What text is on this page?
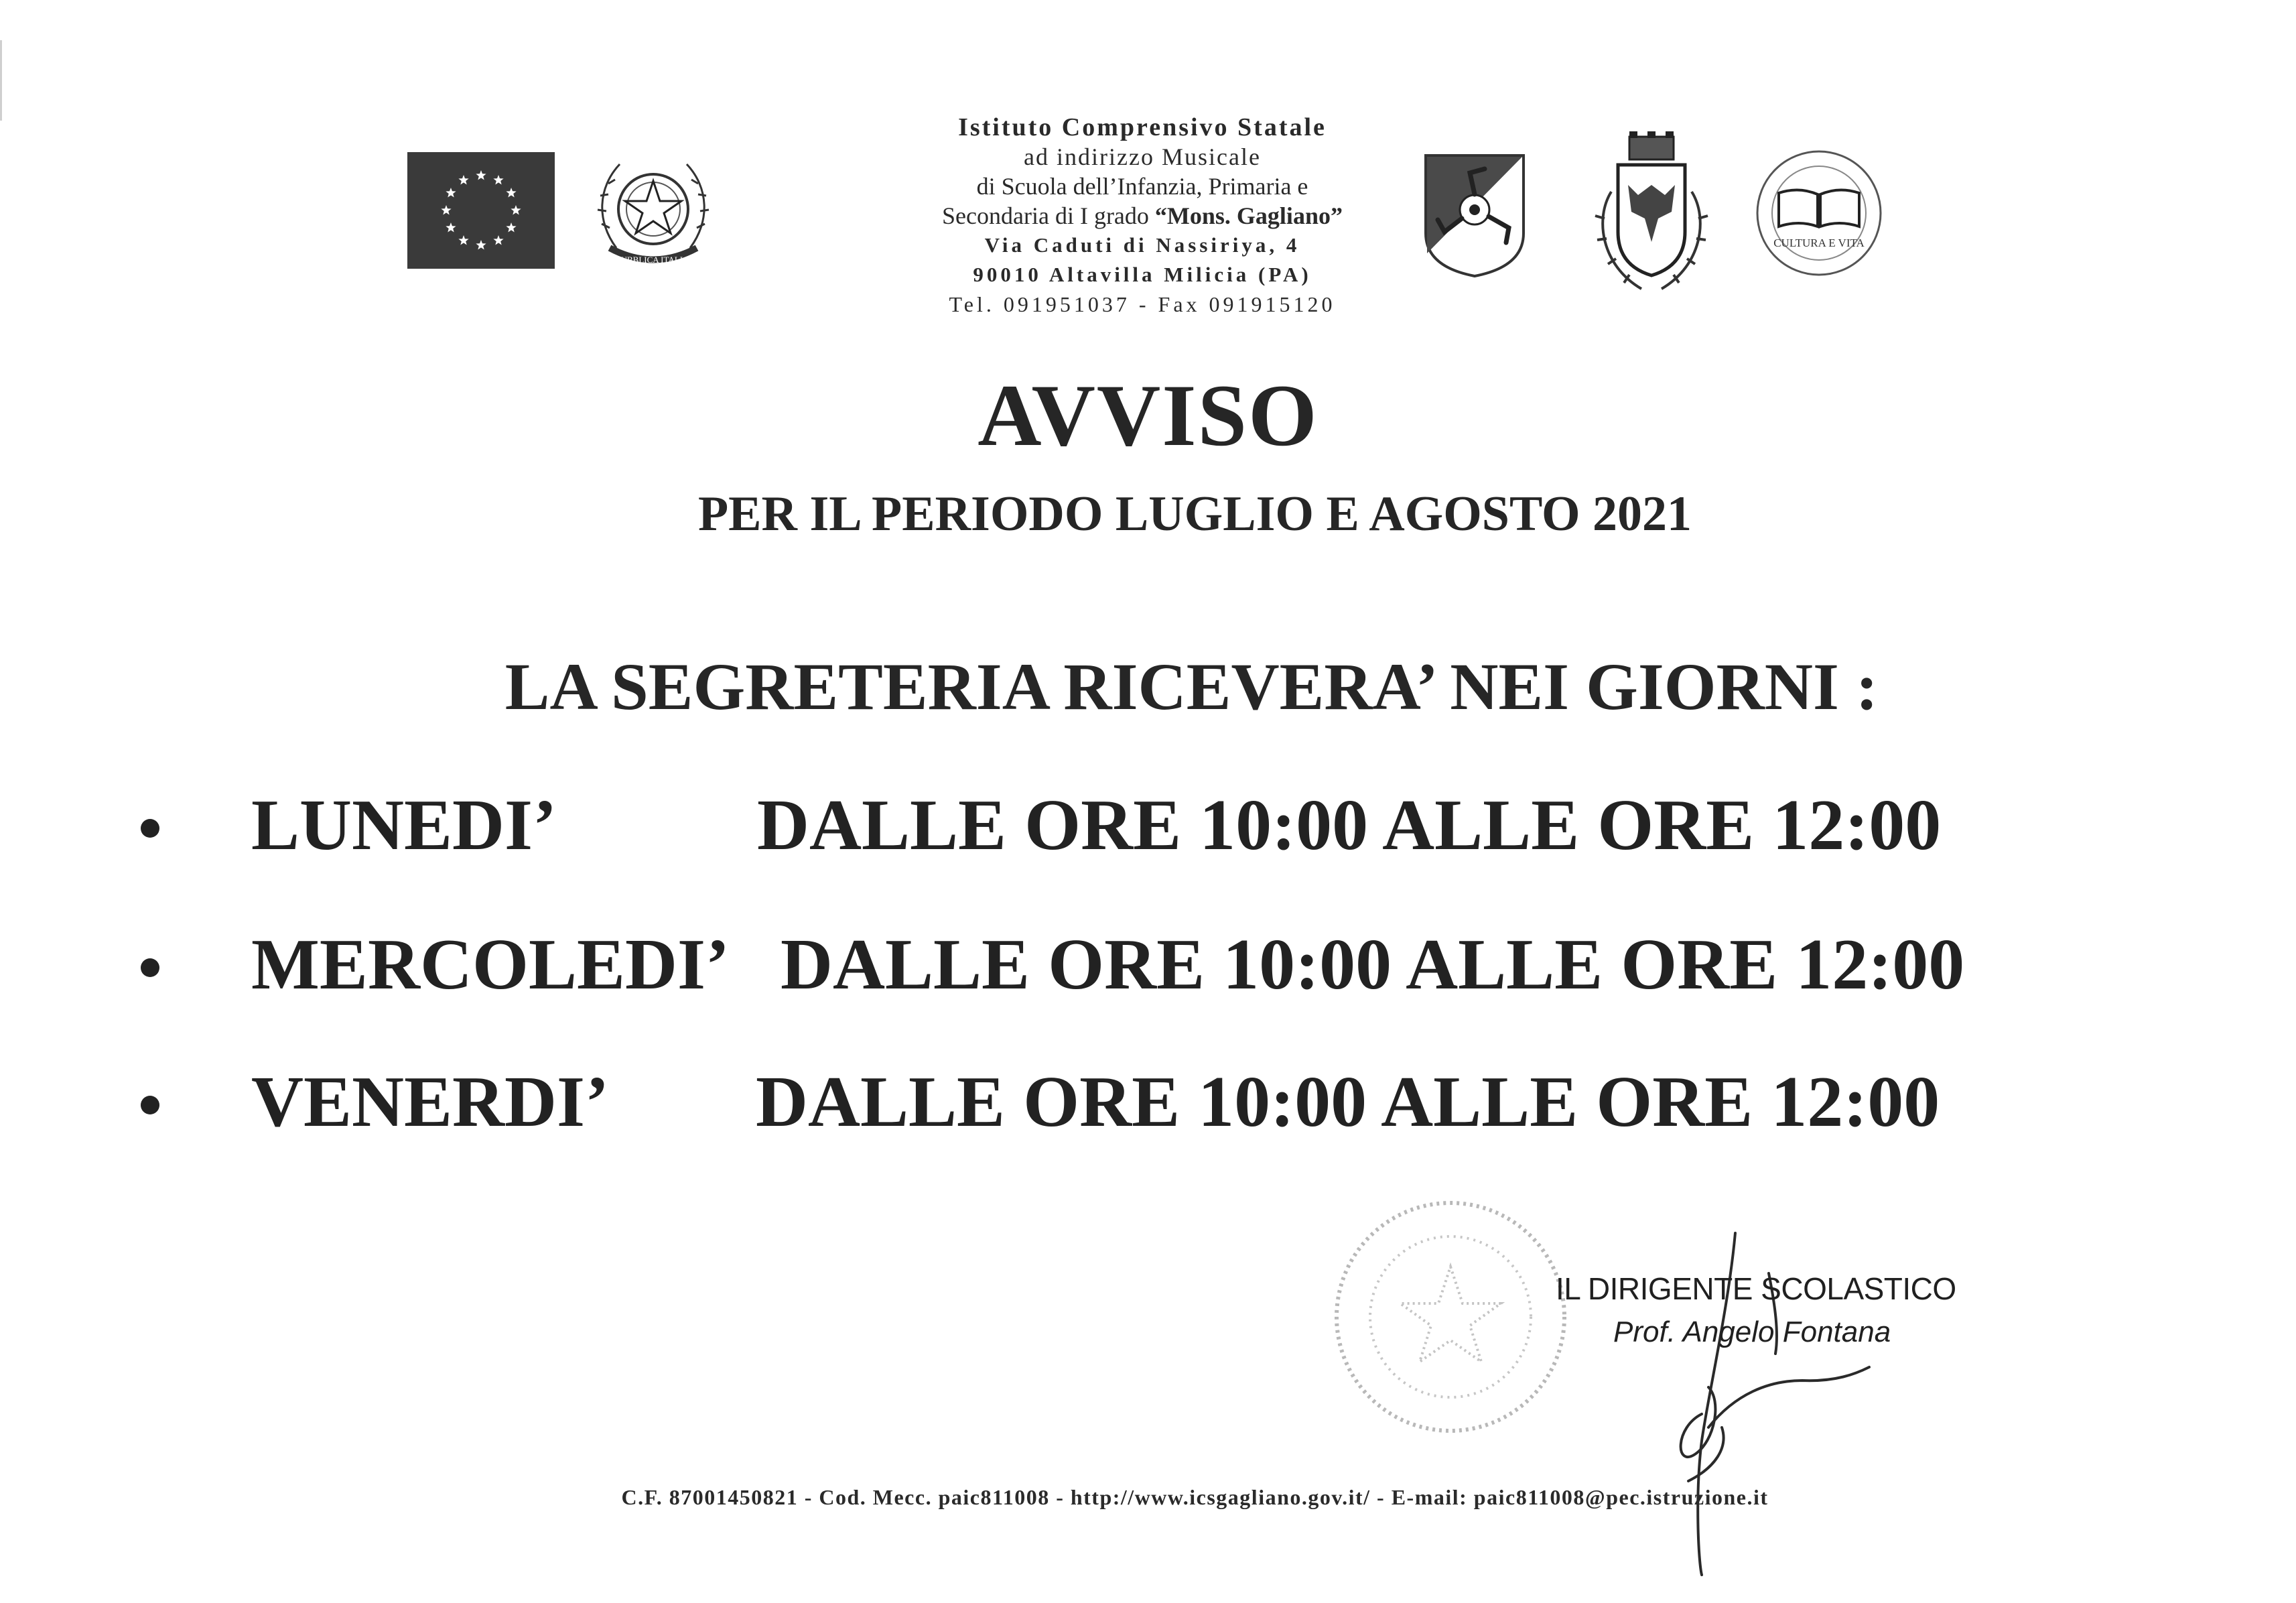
REPUBBLICA ITALIANA
CULTURA E VITA
Istituto Comprensivo Statale
ad indirizzo Musicale
di Scuola dell’Infanzia, Primaria e
Secondaria di I grado “Mons. Gagliano”
Via Caduti di Nassiriya, 4
90010 Altavilla Milicia (PA)
Tel. 091951037 - Fax 091915120
AVVISO
PER IL PERIODO LUGLIO E AGOSTO 2021
LA SEGRETERIA RICEVERA’ NEI GIORNI :
LUNEDI’	DALLE ORE 10:00 ALLE ORE 12:00
MERCOLEDI’ DALLE ORE 10:00 ALLE ORE 12:00
VENERDI’ DALLE ORE 10:00 ALLE ORE 12:00
IL DIRIGENTE SCOLASTICO
Prof. Angelo Fontana
C.F. 87001450821 - Cod. Mecc. paic811008 - http://www.icsgagliano.gov.it/ - E-mail: paic811008@pec.istruzione.it
